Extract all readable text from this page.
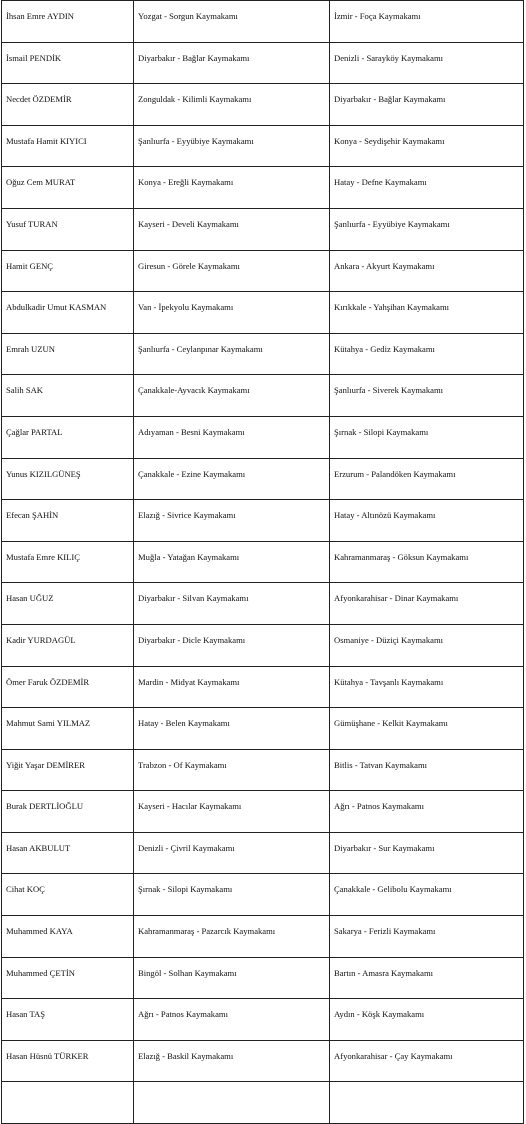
İhsan Emre AYDIN	Yozgat - Sorgun Kaymakamı	İzmir - Foça Kaymakamı
İsmail PENDİK	Diyarbakır - Bağlar Kaymakamı	Denizli - Sarayköy Kaymakamı
Necdet ÖZDEMİR	Zonguldak - Kilimli Kaymakamı	Diyarbakır - Bağlar Kaymakamı
Mustafa Hamit KIYICI	Şanlıurfa - Eyyübiye Kaymakamı	Konya - Seydişehir Kaymakamı
Oğuz Cem MURAT	Konya - Ereğli Kaymakamı	Hatay - Defne Kaymakamı
Yusuf TURAN	Kayseri - Develi Kaymakamı	Şanlıurfa - Eyyübiye Kaymakamı
Hamit GENÇ	Giresun - Görele Kaymakamı	Ankara - Akyurt Kaymakamı
Abdulkadir Umut KASMAN	Van - İpekyolu Kaymakamı	Kırıkkale - Yahşihan Kaymakamı
Emrah UZUN	Şanlıurfa - Ceylanpınar Kaymakamı	Kütahya - Gediz Kaymakamı
Salih SAK	Çanakkale-Ayvacık Kaymakamı	Şanlıurfa - Siverek Kaymakamı
Çağlar PARTAL	Adıyaman - Besni Kaymakamı	Şırnak - Silopi Kaymakamı
Yunus KIZILGÜNEŞ	Çanakkale - Ezine Kaymakamı	Erzurum - Palandöken Kaymakamı
Efecan ŞAHİN	Elazığ - Sivrice Kaymakamı	Hatay - Altınözü Kaymakamı
Mustafa Emre KILIÇ	Muğla - Yatağan Kaymakamı	Kahramanmaraş - Göksun Kaymakamı
Hasan UĞUZ	Diyarbakır - Silvan Kaymakamı	Afyonkarahisar - Dinar Kaymakamı
Kadir YURDAGÜL	Diyarbakır - Dicle Kaymakamı	Osmaniye - Düziçi Kaymakamı
Ömer Faruk ÖZDEMİR	Mardin - Midyat Kaymakamı	Kütahya - Tavşanlı Kaymakamı
Mahmut Sami YILMAZ	Hatay - Belen Kaymakamı	Gümüşhane - Kelkit Kaymakamı
Yiğit Yaşar DEMİRER	Trabzon - Of Kaymakamı	Bitlis - Tatvan Kaymakamı
Burak DERTLİOĞLU	Kayseri - Hacılar Kaymakamı	Ağrı - Patnos Kaymakamı
Hasan AKBULUT	Denizli - Çivril Kaymakamı	Diyarbakır - Sur Kaymakamı
Cihat KOÇ	Şırnak - Silopi Kaymakamı	Çanakkale - Gelibolu Kaymakamı
Muhammed KAYA	Kahramanmaraş - Pazarcık Kaymakamı	Sakarya - Ferizli Kaymakamı
Muhammed ÇETİN	Bingöl - Solhan Kaymakamı	Bartın - Amasra Kaymakamı
Hasan TAŞ	Ağrı - Patnos Kaymakamı	Aydın - Köşk Kaymakamı
Hasan Hüsnü TÜRKER	Elazığ - Baskil Kaymakamı	Afyonkarahisar - Çay Kaymakamı
